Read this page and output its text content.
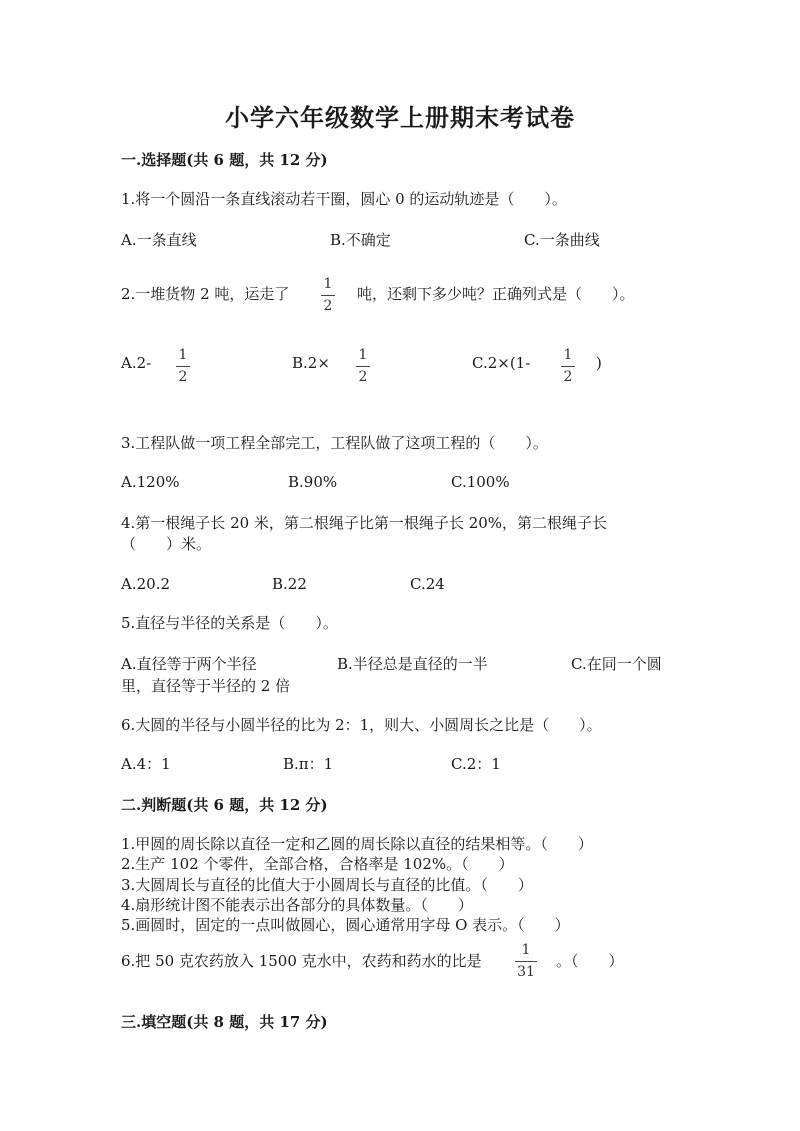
小学六年级数学上册期末考试卷
一.选择题(共 6 题，共 12 分)
1.将一个圆沿一条直线滚动若干圈，圆心 0 的运动轨迹是（　　）。
A.一条直线	B.不确定	C.一条曲线
2.一堆货物 2 吨，运走了
1
2
吨，还剩下多少吨？正确列式是（　　）。
A.2- 1
2
B.2× 1
2
C.2×(1- 1
2
)
3.工程队做一项工程全部完工，工程队做了这项工程的（　　）。
A.120%	B.90%	C.100%
4.第一根绳子长 20 米，第二根绳子比第一根绳子长 20%，第二根绳子长
（　　）米。
A.20.2	B.22	C.24
5.直径与半径的关系是（　　）。
A.直径等于两个半径	B.半径总是直径的一半	C.在同一个圆
里，直径等于半径的 2 倍
6.大圆的半径与小圆半径的比为 2：1，则大、小圆周长之比是（　　）。
A.4：1	B.π：1	C.2：1
二.判断题(共 6 题，共 12 分)
1.甲圆的周长除以直径一定和乙圆的周长除以直径的结果相等。（　　）
2.生产 102 个零件，全部合格，合格率是 102%。（　　）
3.大圆周长与直径的比值大于小圆周长与直径的比值。（　　）
4.扇形统计图不能表示出各部分的具体数量。（　　）
5.画圆时，固定的一点叫做圆心，圆心通常用字母 O 表示。（　　）
6.把 50 克农药放入 1500 克水中，农药和药水的比是
1
31
。（　　）
三.填空题(共 8 题，共 17 分)
